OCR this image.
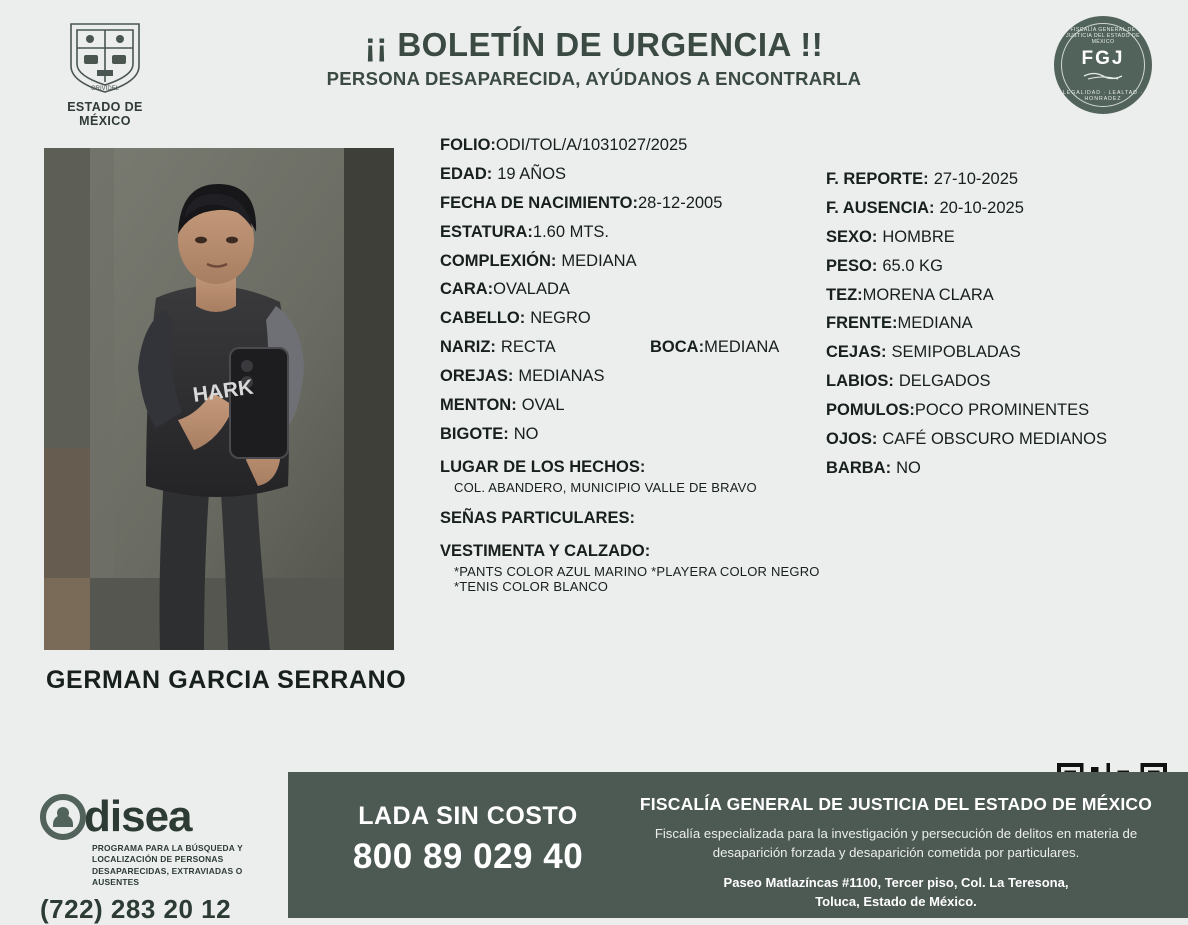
ORIVIDEL
ESTADO DE MÉXICO
¡¡ BOLETÍN DE URGENCIA !!
PERSONA DESAPARECIDA, AYÚDANOS A ENCONTRARLA
FISCALÍA GENERAL DE JUSTICIA DEL ESTADO DE MÉXICO
FGJ
LEGALIDAD · LEALTAD · HONRADEZ
HARK
GERMAN GARCIA SERRANO
FOLIO:ODI/TOL/A/1031027/2025
EDAD: 19 AÑOS
FECHA DE NACIMIENTO:28-12-2005
ESTATURA:1.60 MTS.
COMPLEXIÓN: MEDIANA
CARA:OVALADA
CABELLO: NEGRO
NARIZ: RECTA	BOCA:MEDIANA
OREJAS: MEDIANAS
MENTON: OVAL
BIGOTE: NO
LUGAR DE LOS HECHOS:
COL. ABANDERO, MUNICIPIO VALLE DE BRAVO
SEÑAS PARTICULARES:
VESTIMENTA Y CALZADO:
*PANTS COLOR AZUL MARINO *PLAYERA COLOR NEGRO *TENIS COLOR BLANCO
F. REPORTE: 27-10-2025
F. AUSENCIA: 20-10-2025
SEXO: HOMBRE
PESO: 65.0 KG
TEZ:MORENA CLARA
FRENTE:MEDIANA
CEJAS: SEMIPOBLADAS
LABIOS: DELGADOS
POMULOS:POCO PROMINENTES
OJOS: CAFÉ OBSCURO MEDIANOS
BARBA: NO
disea
PROGRAMA PARA LA BÚSQUEDA Y LOCALIZACIÓN DE PERSONAS DESAPARECIDAS, EXTRAVIADAS O AUSENTES
(722) 283 20 12
LADA SIN COSTO
800 89 029 40
FISCALÍA GENERAL DE JUSTICIA DEL ESTADO DE MÉXICO
Fiscalía especializada para la investigación y persecución de delitos en materia de desaparición forzada y desaparición cometida por particulares.
Paseo Matlazíncas #1100, Tercer piso, Col. La Teresona,
Toluca, Estado de México.
